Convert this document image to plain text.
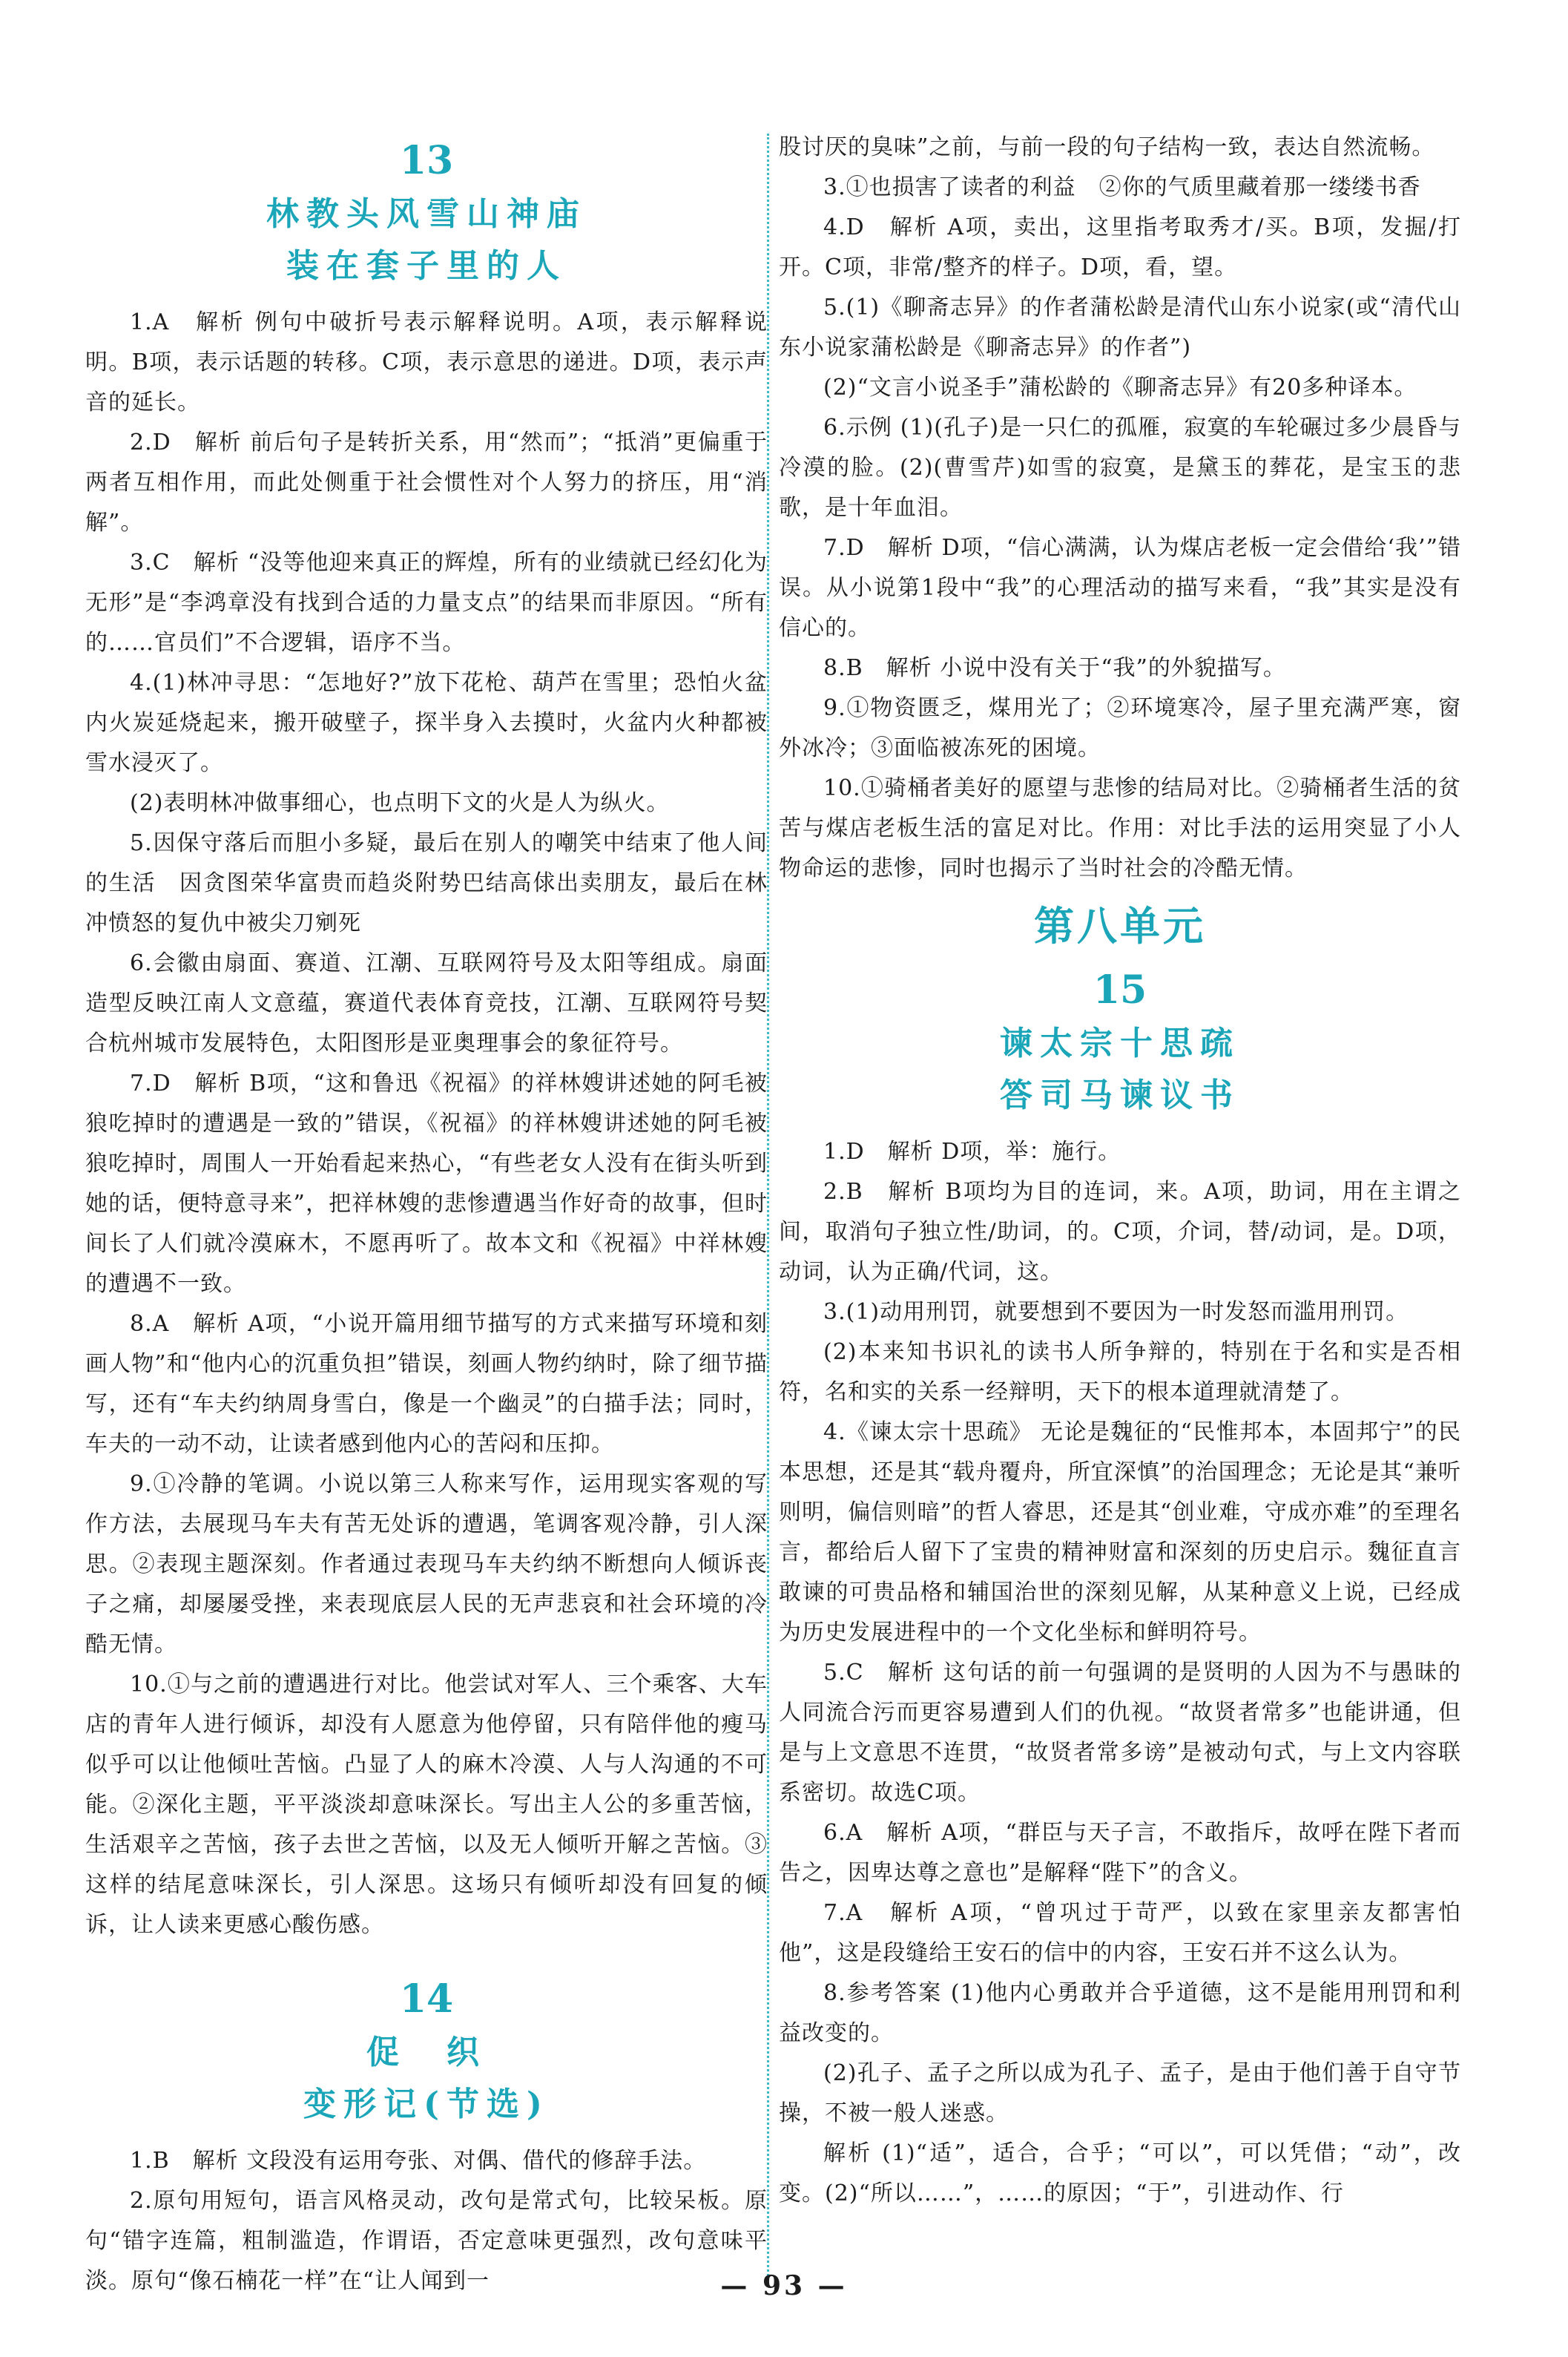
13
林教头风雪山神庙
装在套子里的人

1.A　解析 例句中破折号表示解释说明。A项，表示解释说明。B项，表示话题的转移。C项，表示意思的递进。D项，表示声音的延长。

2.D　解析 前后句子是转折关系，用“然而”；“抵消”更偏重于两者互相作用，而此处侧重于社会惯性对个人努力的挤压，用“消解”。

3.C　解析 “没等他迎来真正的辉煌，所有的业绩就已经幻化为无形”是“李鸿章没有找到合适的力量支点”的结果而非原因。“所有的……官员们”不合逻辑，语序不当。

4.(1)林冲寻思：“怎地好?”放下花枪、葫芦在雪里；恐怕火盆内火炭延烧起来，搬开破壁子，探半身入去摸时，火盆内火种都被雪水浸灭了。

(2)表明林冲做事细心，也点明下文的火是人为纵火。

5.因保守落后而胆小多疑，最后在别人的嘲笑中结束了他人间的生活　因贪图荣华富贵而趋炎附势巴结高俅出卖朋友，最后在林冲愤怒的复仇中被尖刀剜死

6.会徽由扇面、赛道、江潮、互联网符号及太阳等组成。扇面造型反映江南人文意蕴，赛道代表体育竞技，江潮、互联网符号契合杭州城市发展特色，太阳图形是亚奥理事会的象征符号。

7.D　解析 B项，“这和鲁迅《祝福》的祥林嫂讲述她的阿毛被狼吃掉时的遭遇是一致的”错误，《祝福》的祥林嫂讲述她的阿毛被狼吃掉时，周围人一开始看起来热心，“有些老女人没有在街头听到她的话，便特意寻来”，把祥林嫂的悲惨遭遇当作好奇的故事，但时间长了人们就冷漠麻木，不愿再听了。故本文和《祝福》中祥林嫂的遭遇不一致。

8.A　解析 A项，“小说开篇用细节描写的方式来描写环境和刻画人物”和“他内心的沉重负担”错误，刻画人物约纳时，除了细节描写，还有“车夫约纳周身雪白，像是一个幽灵”的白描手法；同时，车夫的一动不动，让读者感到他内心的苦闷和压抑。

9.①冷静的笔调。小说以第三人称来写作，运用现实客观的写作方法，去展现马车夫有苦无处诉的遭遇，笔调客观冷静，引人深思。②表现主题深刻。作者通过表现马车夫约纳不断想向人倾诉丧子之痛，却屡屡受挫，来表现底层人民的无声悲哀和社会环境的冷酷无情。

10.①与之前的遭遇进行对比。他尝试对军人、三个乘客、大车店的青年人进行倾诉，却没有人愿意为他停留，只有陪伴他的瘦马似乎可以让他倾吐苦恼。凸显了人的麻木冷漠、人与人沟通的不可能。②深化主题，平平淡淡却意味深长。写出主人公的多重苦恼，生活艰辛之苦恼，孩子去世之苦恼，以及无人倾听开解之苦恼。③这样的结尾意味深长，引人深思。这场只有倾听却没有回复的倾诉，让人读来更感心酸伤感。

14
促　织
变形记(节选)

1.B　解析 文段没有运用夸张、对偶、借代的修辞手法。

2.原句用短句，语言风格灵动，改句是常式句，比较呆板。原句“错字连篇，粗制滥造，作谓语，否定意味更强烈，改句意味平淡。原句“像石楠花一样”在“让人闻到一

股讨厌的臭味”之前，与前一段的句子结构一致，表达自然流畅。

3.①也损害了读者的利益　②你的气质里藏着那一缕缕书香

4.D　解析 A项，卖出，这里指考取秀才/买。B项，发掘/打开。C项，非常/整齐的样子。D项，看，望。

5.(1)《聊斋志异》的作者蒲松龄是清代山东小说家(或“清代山东小说家蒲松龄是《聊斋志异》的作者”)

(2)“文言小说圣手”蒲松龄的《聊斋志异》有20多种译本。

6.示例 (1)(孔子)是一只仁的孤雁，寂寞的车轮碾过多少晨昏与冷漠的脸。(2)(曹雪芹)如雪的寂寞，是黛玉的葬花，是宝玉的悲歌，是十年血泪。

7.D　解析 D项，“信心满满，认为煤店老板一定会借给‘我’”错误。从小说第1段中“我”的心理活动的描写来看，“我”其实是没有信心的。

8.B　解析 小说中没有关于“我”的外貌描写。

9.①物资匮乏，煤用光了；②环境寒冷，屋子里充满严寒，窗外冰冷；③面临被冻死的困境。

10.①骑桶者美好的愿望与悲惨的结局对比。②骑桶者生活的贫苦与煤店老板生活的富足对比。作用：对比手法的运用突显了小人物命运的悲惨，同时也揭示了当时社会的冷酷无情。

第八单元
15
谏太宗十思疏
答司马谏议书

1.D　解析 D项，举：施行。

2.B　解析 B项均为目的连词，来。A项，助词，用在主谓之间，取消句子独立性/助词，的。C项，介词，替/动词，是。D项，动词，认为正确/代词，这。

3.(1)动用刑罚，就要想到不要因为一时发怒而滥用刑罚。

(2)本来知书识礼的读书人所争辩的，特别在于名和实是否相符，名和实的关系一经辩明，天下的根本道理就清楚了。

4.《谏太宗十思疏》 无论是魏征的“民惟邦本，本固邦宁”的民本思想，还是其“载舟覆舟，所宜深慎”的治国理念；无论是其“兼听则明，偏信则暗”的哲人睿思，还是其“创业难，守成亦难”的至理名言，都给后人留下了宝贵的精神财富和深刻的历史启示。魏征直言敢谏的可贵品格和辅国治世的深刻见解，从某种意义上说，已经成为历史发展进程中的一个文化坐标和鲜明符号。

5.C　解析 这句话的前一句强调的是贤明的人因为不与愚昧的人同流合污而更容易遭到人们的仇视。“故贤者常多”也能讲通，但是与上文意思不连贯，“故贤者常多谤”是被动句式，与上文内容联系密切。故选C项。

6.A　解析 A项，“群臣与天子言，不敢指斥，故呼在陛下者而告之，因卑达尊之意也”是解释“陛下”的含义。

7.A　解析 A项，“曾巩过于苛严，以致在家里亲友都害怕他”，这是段缝给王安石的信中的内容，王安石并不这么认为。

8.参考答案 (1)他内心勇敢并合乎道德，这不是能用刑罚和利益改变的。

(2)孔子、孟子之所以成为孔子、孟子，是由于他们善于自守节操，不被一般人迷惑。

解析 (1)“适”，适合，合乎；“可以”，可以凭借；“动”，改变。(2)“所以……”，……的原因；“于”，引进动作、行

— 93 —
